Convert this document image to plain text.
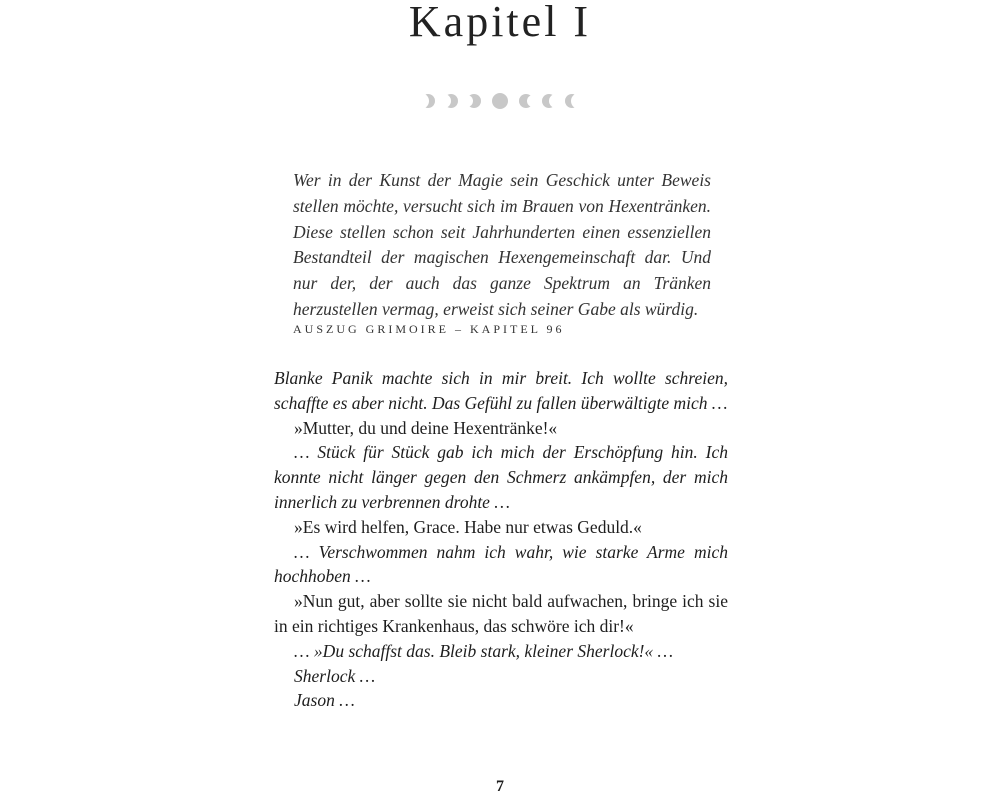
Kapitel I

Wer in der Kunst der Magie sein Geschick unter Beweis stellen möchte, versucht sich im Brauen von Hexentränken. Diese stellen schon seit Jahrhunderten einen essenziellen Bestandteil der magischen Hexengemeinschaft dar. Und nur der, der auch das ganze Spektrum an Tränken herzustellen vermag, erweist sich seiner Gabe als würdig.

AUSZUG GRIMOIRE – KAPITEL 96

Blanke Panik machte sich in mir breit. Ich wollte schreien, schaffte es aber nicht. Das Gefühl zu fallen überwältigte mich …

»Mutter, du und deine Hexentränke!«

… Stück für Stück gab ich mich der Erschöpfung hin. Ich konnte nicht länger gegen den Schmerz ankämpfen, der mich innerlich zu verbrennen drohte …

»Es wird helfen, Grace. Habe nur etwas Geduld.«

… Verschwommen nahm ich wahr, wie starke Arme mich hochhoben …

»Nun gut, aber sollte sie nicht bald aufwachen, bringe ich sie in ein richtiges Krankenhaus, das schwöre ich dir!«

… »Du schaffst das. Bleib stark, kleiner Sherlock!« …

Sherlock …

Jason …

7
